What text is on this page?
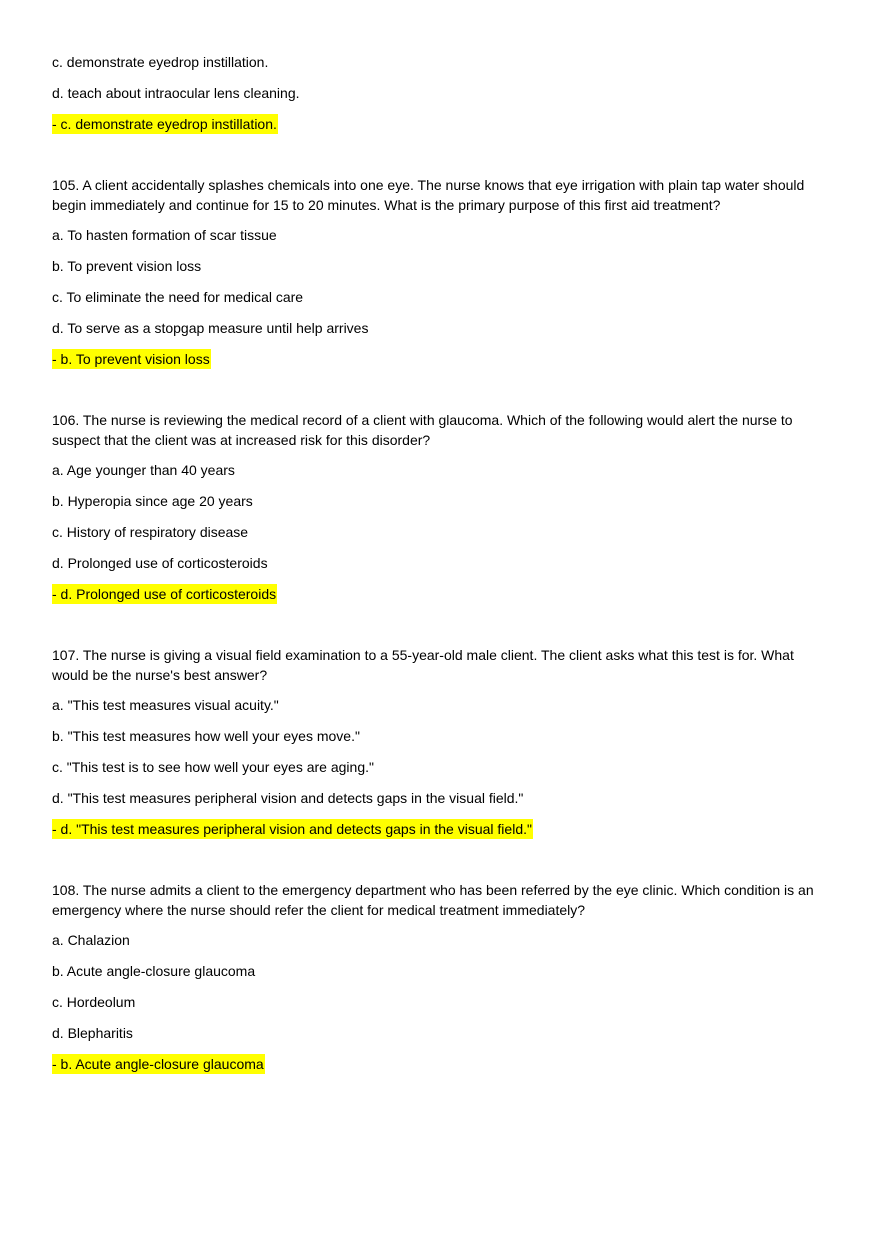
c. demonstrate eyedrop instillation.
d. teach about intraocular lens cleaning.
- c. demonstrate eyedrop instillation.
105. A client accidentally splashes chemicals into one eye. The nurse knows that eye irrigation with plain tap water should begin immediately and continue for 15 to 20 minutes. What is the primary purpose of this first aid treatment?
a. To hasten formation of scar tissue
b. To prevent vision loss
c. To eliminate the need for medical care
d. To serve as a stopgap measure until help arrives
- b. To prevent vision loss
106. The nurse is reviewing the medical record of a client with glaucoma. Which of the following would alert the nurse to suspect that the client was at increased risk for this disorder?
a. Age younger than 40 years
b. Hyperopia since age 20 years
c. History of respiratory disease
d. Prolonged use of corticosteroids
- d. Prolonged use of corticosteroids
107. The nurse is giving a visual field examination to a 55-year-old male client. The client asks what this test is for. What would be the nurse's best answer?
a. "This test measures visual acuity."
b. "This test measures how well your eyes move."
c. "This test is to see how well your eyes are aging."
d. "This test measures peripheral vision and detects gaps in the visual field."
- d. "This test measures peripheral vision and detects gaps in the visual field."
108. The nurse admits a client to the emergency department who has been referred by the eye clinic. Which condition is an emergency where the nurse should refer the client for medical treatment immediately?
a. Chalazion
b. Acute angle-closure glaucoma
c. Hordeolum
d. Blepharitis
- b. Acute angle-closure glaucoma
